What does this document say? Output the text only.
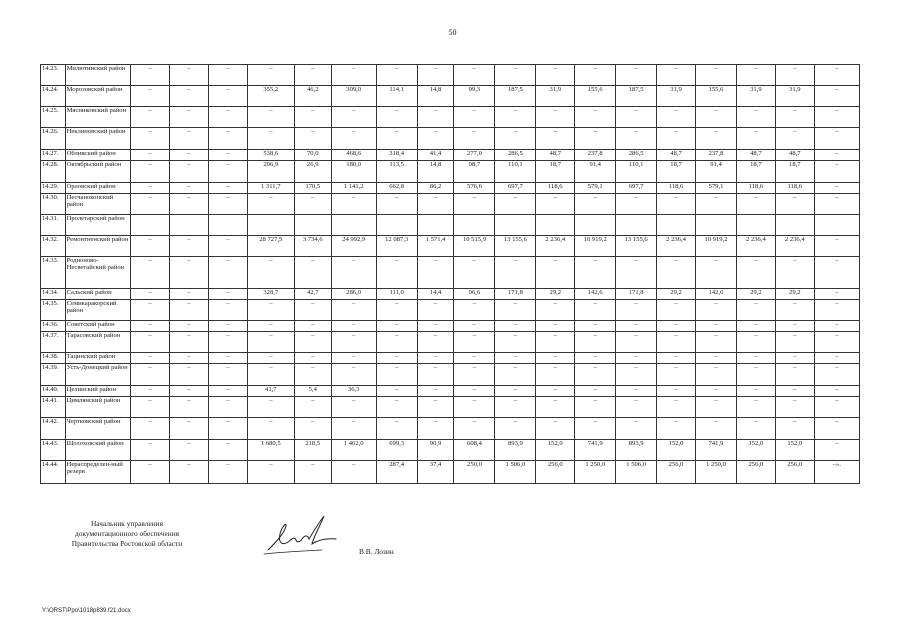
50
14.23.	Милютинский район	–	–	–	–	–	–	–	–	–	–	–	–	–	–	–	–	–	–
14.24.	Морозовский район	–	–	–	355,2	46,2	309,0	114,1	14,8	99,3	187,5	31,9	155,6	187,5	31,9	155,6	31,9	31,9	–
14.25.	Мясниковский район	–	–	–	–	–	–	–	–	–	–	–	–	–	–	–	–	–	–
14.26.	Неклиновский район	–	–	–	–	–	–	–	–	–	–	–	–	–	–	–	–	–	–
14.27.	Обливский район	–	–	–	538,6	70,0	468,6	318,4	41,4	277,0	286,5	48,7	237,8	286,5	48,7	237,8	48,7	48,7	–
14.28.	Октябрьский район	–	–	–	206,9	26,9	180,0	113,5	14,8	98,7	110,1	18,7	91,4	110,1	18,7	91,4	18,7	18,7	–
14.29.	Орловский район	–	–	–	1 311,7	170,5	1 141,2	662,8	86,2	576,6	697,7	118,6	579,1	697,7	118,6	579,1	118,6	118,6	–
14.30.	Песчанокопский район	–	–	–	–	–	–	–	–	–	–	–	–	–	–	–	–	–	–
14.31.	Пролетарский район																		
14.32.	Ремонтненский район	–	–	–	28 727,5	3 734,6	24 992,9	12 087,3	1 571,4	10 515,9	13 155,6	2 236,4	10 919,2	13 155,6	2 236,4	10 919,2	2 236,4	2 236,4	–
14.33.	Родионово-Несветайский район	–	–	–	–	–	–	–	–	–	–	–	–	–	–	–	–	–	–
14.34.	Сальский район	–	–	–	328,7	42,7	286,0	111,0	14,4	96,6	171,8	29,2	142,6	171,8	29,2	142,6	29,2	29,2	–
14.35.	Семикаракорский район	–	–	–	–	–	–	–	–	–	–	–	–	–	–	–	–	–	–
14.36.	Советский район	–	–	–	–	–	–	–	–	–	–	–	–	–	–	–	–	–	–
14.37.	Тарасовский район	–	–	–	–	–	–	–	–	–	–	–	–	–	–	–	–	–	–
14.38.	Тацинский район	–	–	–	–	–	–	–	–	–	–	–	–	–	–	–	–	–	–
14.39.	Усть-Донецкий район	–	–	–	–	–	–	–	–	–	–	–	–	–	–	–	–	–	–
14.40.	Целинский район	–	–	–	41,7	5,4	36,3	–	–	–	–	–	–	–	–	–	–	–	–
14.41.	Цимлянский район	–	–	–	–	–	–	–	–	–	–	–	–	–	–	–	–	–	–
14.42.	Чертковский район	–	–	–	–	–	–	–	–	–	–	–	–	–	–	–	–	–	–
14.43.	Шолоховский район	–	–	–	1 680,5	218,5	1 462,0	699,3	90,9	608,4	893,9	152,0	741,9	893,9	152,0	741,9	152,0	152,0	–
14.44.	Нераспределен-ный резерв	–	–	–	–	–	–	287,4	37,4	250,0	1 506,0	256,0	1 250,0	1 506,0	256,0	1 250,0	256,0	256,0	–».
Начальник управления
документационного обеспечения
Правительства Ростовской области
В.В. Лозин
Y:\ORST\Ppo\1018p839.f21.docx
